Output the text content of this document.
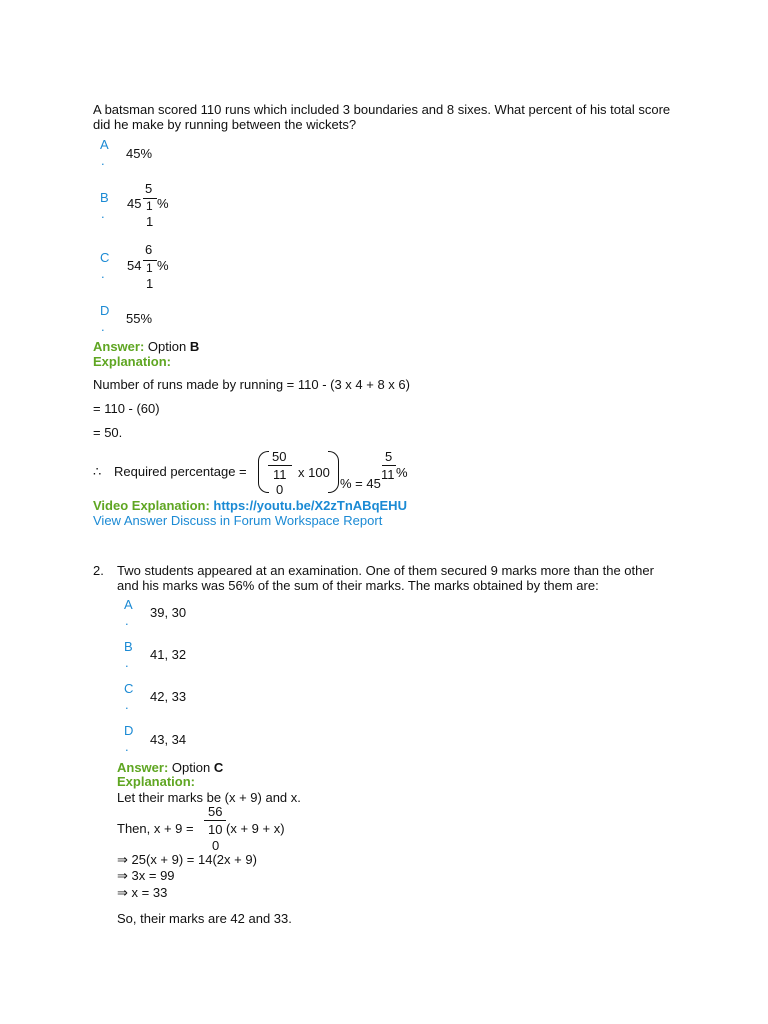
A batsman scored 110 runs which included 3 boundaries and 8 sixes. What percent of his total score did he make by running between the wickets?
A
. 45%
B
.
5
45 1 %
1
C
.
6
54 1 %
1
D
.
55%
Answer: Option B
Explanation:
Number of runs made by running = 110 - (3 x 4 + 8 x 6)
= 110 - (60)
= 50.
∴ Required percentage =
50
11
0
x 100
% = 45
5
11 %
Video Explanation: https://youtu.be/X2zTnABqEHU
View Answer Discuss in Forum Workspace Report
2. Two students appeared at an examination. One of them secured 9 marks more than the other and his marks was 56% of the sum of their marks. The marks obtained by them are:
A
.
39, 30
B
.
41, 32
C
.
42, 33
D
. 43, 34
Answer: Option C
Explanation:
Let their marks be (x + 9) and x.
Then, x + 9 =
56
10
0
(x + 9 + x)
⇒ 25(x + 9) = 14(2x + 9)
⇒ 3x = 99
⇒ x = 33
So, their marks are 42 and 33.
